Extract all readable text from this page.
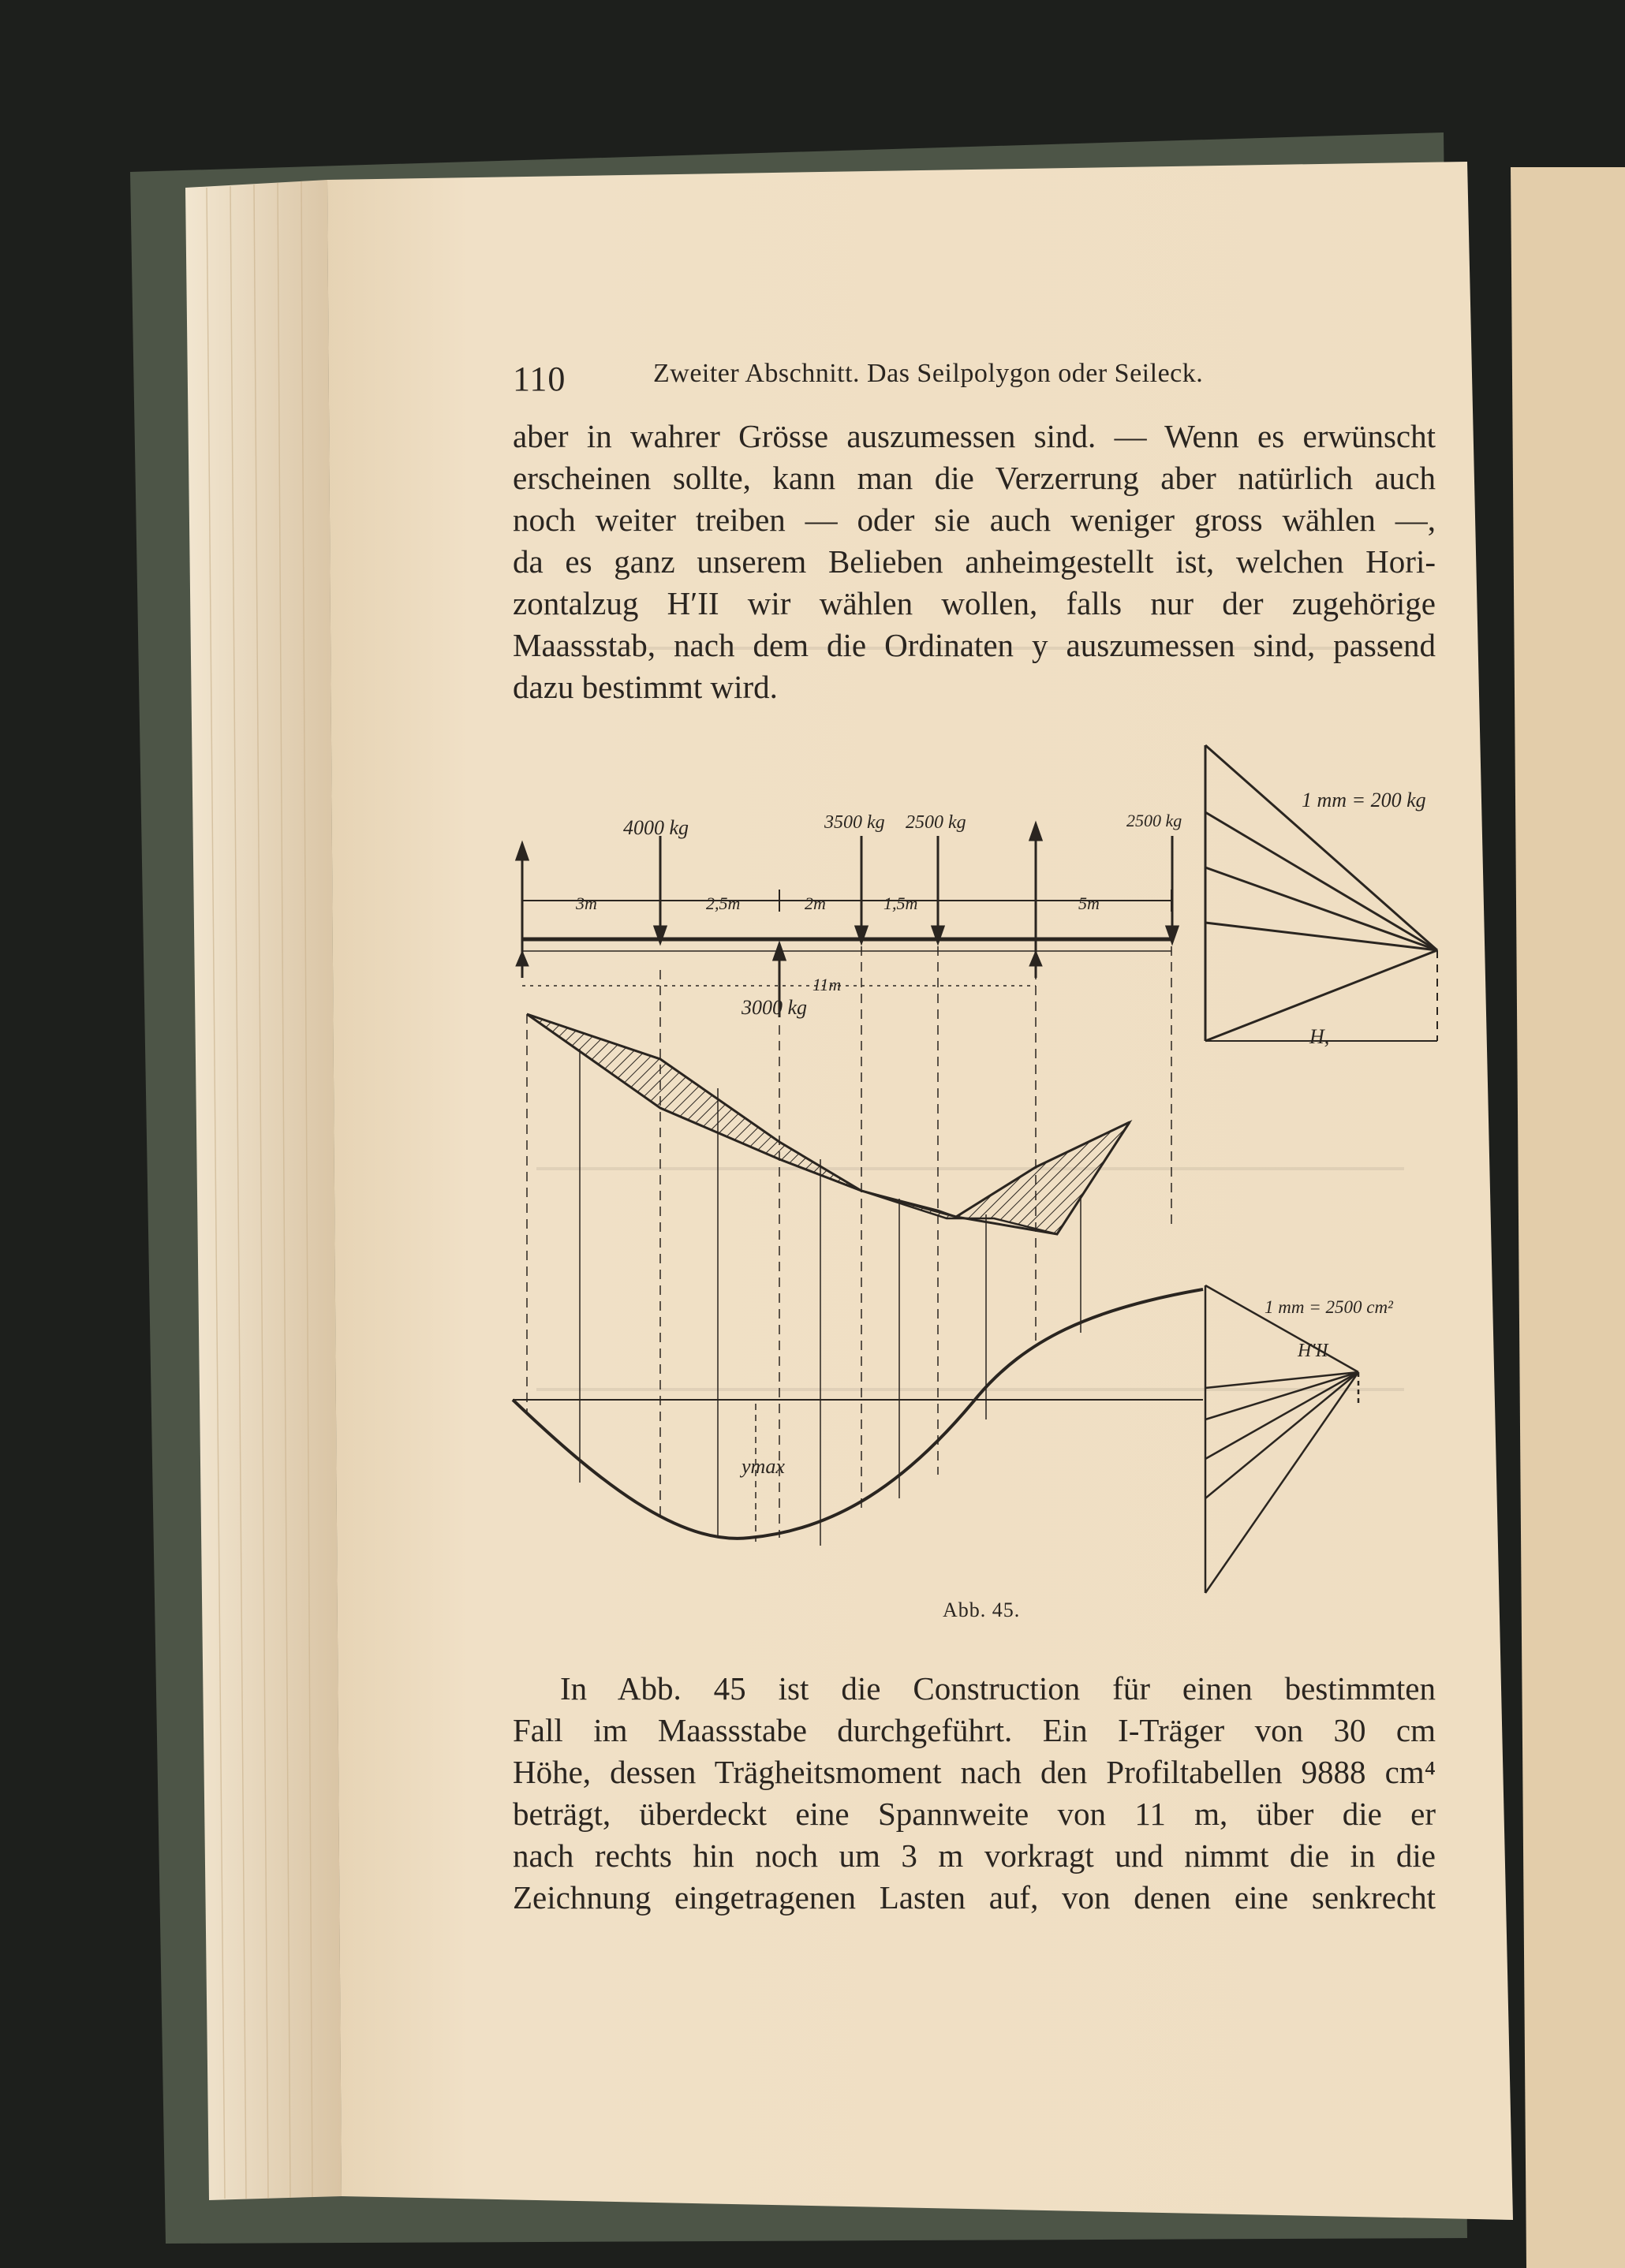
110	Zweiter Abschnitt. Das Seilpolygon oder Seileck.
aber in wahrer Grösse auszumessen sind. — Wenn es erwünscht
erscheinen sollte, kann man die Verzerrung aber natürlich auch
noch weiter treiben — oder sie auch weniger gross wählen —,
da es ganz unserem Belieben anheimgestellt ist, welchen Hori-
zontalzug H′II wir wählen wollen, falls nur der zugehörige
Maassstab, nach dem die Ordinaten y auszumessen sind, passend
dazu bestimmt wird.
4000 kg	3500 kg 2500 kg	2500 kg
3000 kg
3m	2,5m	2m	1,5m	5m
11m
1 mm = 200 kg
H,
1 mm = 2500 cm²
H′II
ymax
Abb. 45.
In Abb. 45 ist die Construction für einen bestimmten
Fall im Maassstabe durchgeführt. Ein I-Träger von 30 cm
Höhe, dessen Trägheitsmoment nach den Profiltabellen 9888 cm⁴
beträgt, überdeckt eine Spannweite von 11 m, über die er
nach rechts hin noch um 3 m vorkragt und nimmt die in die
Zeichnung eingetragenen Lasten auf, von denen eine senkrecht
